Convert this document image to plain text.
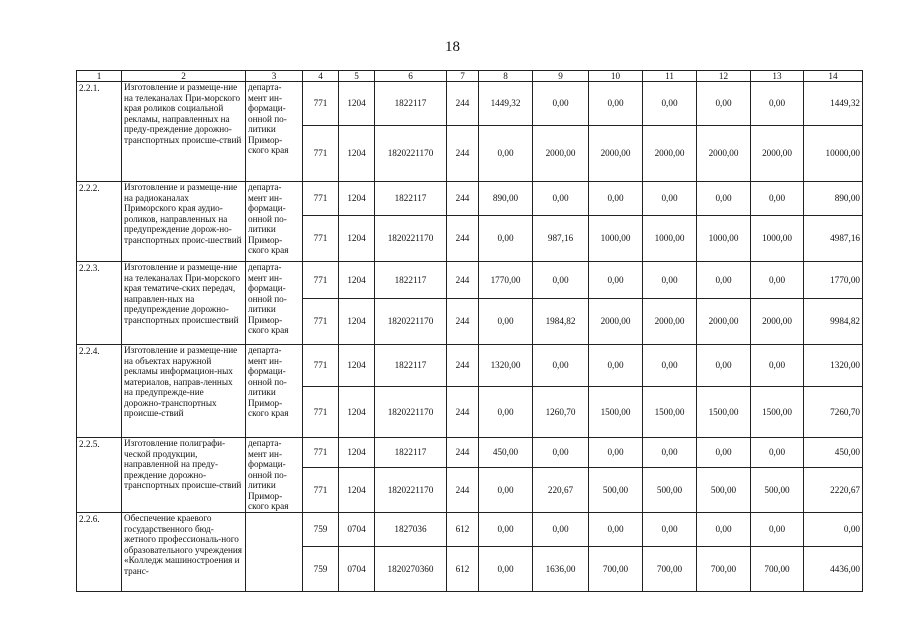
18
1	2	3	4	5	6	7	8	9	10	11	12	13	14
2.2.1.	Изготовление и размеще-ние на телеканалах При-морского края роликов социальной рекламы, направленных на преду-преждение дорожно-транспортных происше-ствий	департа-мент ин-формаци-онной по-литики Примор-ского края	771	1204	1822117	244	1449,32	0,00	0,00	0,00	0,00	0,00	1449,32
			771	1204	1820221170	244	0,00	2000,00	2000,00	2000,00	2000,00	2000,00	10000,00
2.2.2.	Изготовление и размеще-ние на радиоканалах Приморского края аудио-роликов, направленных на предупреждение дорож-но-транспортных проис-шествий	департа-мент ин-формаци-онной по-литики Примор-ского края	771	1204	1822117	244	890,00	0,00	0,00	0,00	0,00	0,00	890,00
			771	1204	1820221170	244	0,00	987,16	1000,00	1000,00	1000,00	1000,00	4987,16
2.2.3.	Изготовление и размеще-ние на телеканалах При-морского края тематиче-ских передач, направлен-ных на предупреждение дорожно-транспортных происшествий	департа-мент ин-формаци-онной по-литики Примор-ского края	771	1204	1822117	244	1770,00	0,00	0,00	0,00	0,00	0,00	1770,00
			771	1204	1820221170	244	0,00	1984,82	2000,00	2000,00	2000,00	2000,00	9984,82
2.2.4.	Изготовление и размеще-ние на объектах наружной рекламы информацион-ных материалов, направ-ленных на предупрежде-ние дорожно-транспортных происше-ствий	департа-мент ин-формаци-онной по-литики Примор-ского края	771	1204	1822117	244	1320,00	0,00	0,00	0,00	0,00	0,00	1320,00
			771	1204	1820221170	244	0,00	1260,70	1500,00	1500,00	1500,00	1500,00	7260,70
2.2.5.	Изготовление полиграфи-ческой продукции, направленной на преду-преждение дорожно-транспортных происше-ствий	департа-мент ин-формаци-онной по-литики Примор-ского края	771	1204	1822117	244	450,00	0,00	0,00	0,00	0,00	0,00	450,00
			771	1204	1820221170	244	0,00	220,67	500,00	500,00	500,00	500,00	2220,67
2.2.6.	Обеспечение краевого государственного бюд-жетного профессиональ-ного образовательного учреждения «Колледж машиностроения и транс-		759	0704	1827036	612	0,00	0,00	0,00	0,00	0,00	0,00	0,00
			759	0704	1820270360	612	0,00	1636,00	700,00	700,00	700,00	700,00	4436,00
